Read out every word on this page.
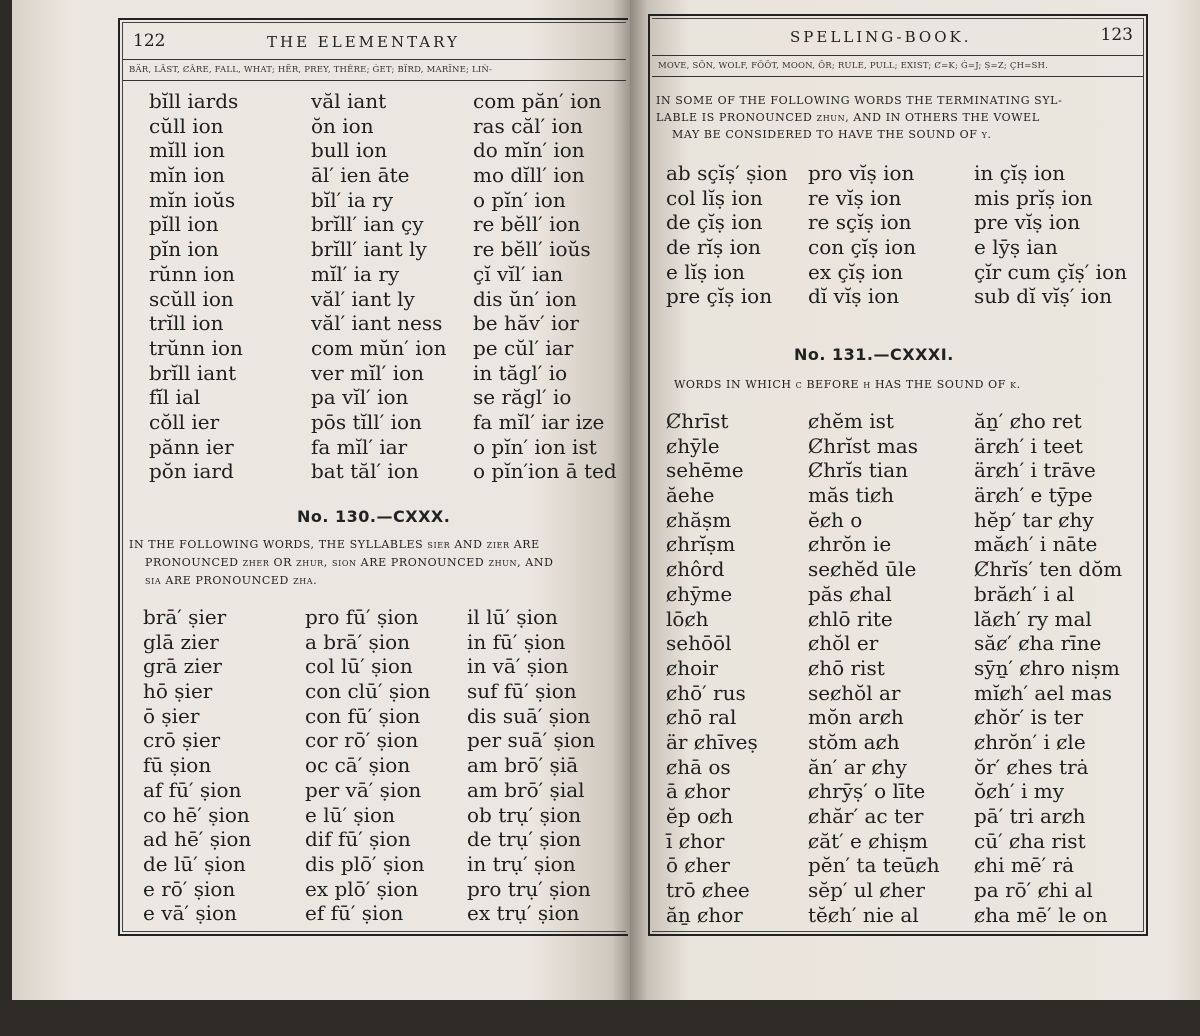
122	THE ELEMENTARY
BÄR, LĀST, ȻÂRE, FALL, WHAT; HẼR, PREY, THÊRE; ĠET; BÏRD, MARÏNE; LIṄ-
bĭll iards
cŭll ion
mĭll ion
mĭn ion
mĭn ioŭs
pĭll ion
pĭn ion
rŭnn ion
scŭll ion
trĭll ion
trŭnn ion
brĭll iant
fĭl ial
cŏll ier
pănn ier
pŏn iard
văl iant
ŏn ion
bull ion
āl′ ien āte
bĭl′ ia ry
brĭll′ ian çy
brĭll′ iant ly
mĭl′ ia ry
văl′ iant ly
văl′ iant ness
com mŭn′ ion
ver mĭl′ ion
pa vĭl′ ion
pōs tĭll′ ion
fa mĭl′ iar
bat tăl′ ion
com păn′ ion
ras căl′ ion
do mĭn′ ion
mo dĭll′ ion
o pĭn′ ion
re bĕll′ ion
re bĕll′ ioŭs
çĭ vĭl′ ian
dis ŭn′ ion
be hăv′ ior
pe cŭl′ iar
in tăgl′ io
se răgl′ io
fa mĭl′ iar ize
o pĭn′ ion ist
o pĭn′ion ā ted
No. 130.—CXXX.
IN THE FOLLOWING WORDS, THE SYLLABLES sier AND zier ARE
PRONOUNCED zher OR zhur, sion ARE PRONOUNCED zhun, AND
sia ARE PRONOUNCED zha.
brā′ ṣier
glā zier
grā zier
hō ṣier
ō ṣier
crō ṣier
fū ṣion
af fū′ ṣion
co hē′ ṣion
ad hē′ ṣion
de lū′ ṣion
e rō′ ṣion
e vā′ ṣion
pro fū′ ṣion
a brā′ ṣion
col lū′ ṣion
con clū′ ṣion
con fū′ ṣion
cor rō′ ṣion
oc cā′ ṣion
per vā′ ṣion
e lū′ ṣion
dif fū′ ṣion
dis plō′ ṣion
ex plō′ ṣion
ef fū′ ṣion
il lū′ ṣion
in fū′ ṣion
in vā′ ṣion
suf fū′ ṣion
dis suā′ ṣion
per suā′ ṣion
am brō′ ṣiā
am brō′ ṣial
ob trụ′ ṣion
de trụ′ ṣion
in trụ′ ṣion
pro trụ′ ṣion
ex trụ′ ṣion
SPELLING-BOOK.	123
MOVE, SŎN, WOLF, FŎŎT, MOON, ÔR; RULE, PULL; EXIST; Ȼ=K; Ġ=J; Ṣ=Z; ÇH=SH.
IN SOME OF THE FOLLOWING WORDS THE TERMINATING SYL-
LABLE IS PRONOUNCED zhun, AND IN OTHERS THE VOWEL
MAY BE CONSIDERED TO HAVE THE SOUND OF y.
ab sçĭṣ′ ṣion
col lĭṣ ion
de çĭṣ ion
de rĭṣ ion
e lĭṣ ion
pre çĭṣ ion
pro vĭṣ ion
re vĭṣ ion
re sçĭṣ ion
con çĭṣ ion
ex çĭṣ ion
dĭ vĭṣ ion
in çĭṣ ion
mis prĭṣ ion
pre vĭṣ ion
e lȳṣ ian
çĭr cum çĭṣ′ ion
sub dĭ vĭṣ′ ion
No. 131.—CXXXI.
WORDS IN WHICH c BEFORE h HAS THE SOUND OF k.
Ȼhrīst
ȼhȳle
sehēme
ăehe
ȼhăṣm
ȼhrĭṣm
ȼhôrd
ȼhȳme
lōȼh
sehōōl
ȼhoir
ȼhō′ rus
ȼhō ral
är ȼhīveṣ
ȼhā os
ā ȼhor
ĕp oȼh
ī ȼhor
ō ȼher
trō ȼhee
ăṉ ȼhor
ȼhĕm ist
Ȼhrĭst mas
Ȼhrĭs tian
măs tiȼh
ĕȼh o
ȼhrŏn ie
seȼhĕd ūle
păs ȼhal
ȼhlō rite
ȼhŏl er
ȼhō rist
seȼhŏl ar
mŏn arȼh
stŏm aȼh
ăn′ ar ȼhy
ȼhrȳṣ′ o līte
ȼhăr′ ac ter
ȼăt′ e ȼhiṣm
pĕn′ ta teūȼh
sĕp′ ul ȼher
tĕȼh′ nie al
ăṉ′ ȼho ret
ärȼh′ i teet
ärȼh′ i trāve
ärȼh′ e tȳpe
hĕp′ tar ȼhy
măȼh′ i nāte
Ȼhrĭs′ ten dŏm
brăȼh′ i al
lăȼh′ ry mal
săȼ′ ȼha rīne
sȳṉ′ ȼhro niṣm
mĭȼh′ ael mas
ȼhŏr′ is ter
ȼhrŏn′ i ȼle
ŏr′ ȼhes trȧ
ŏȼh′ i my
pā′ tri arȼh
cū′ ȼha rist
ȼhi mē′ rȧ
pa rō′ ȼhi al
ȼha mē′ le on
